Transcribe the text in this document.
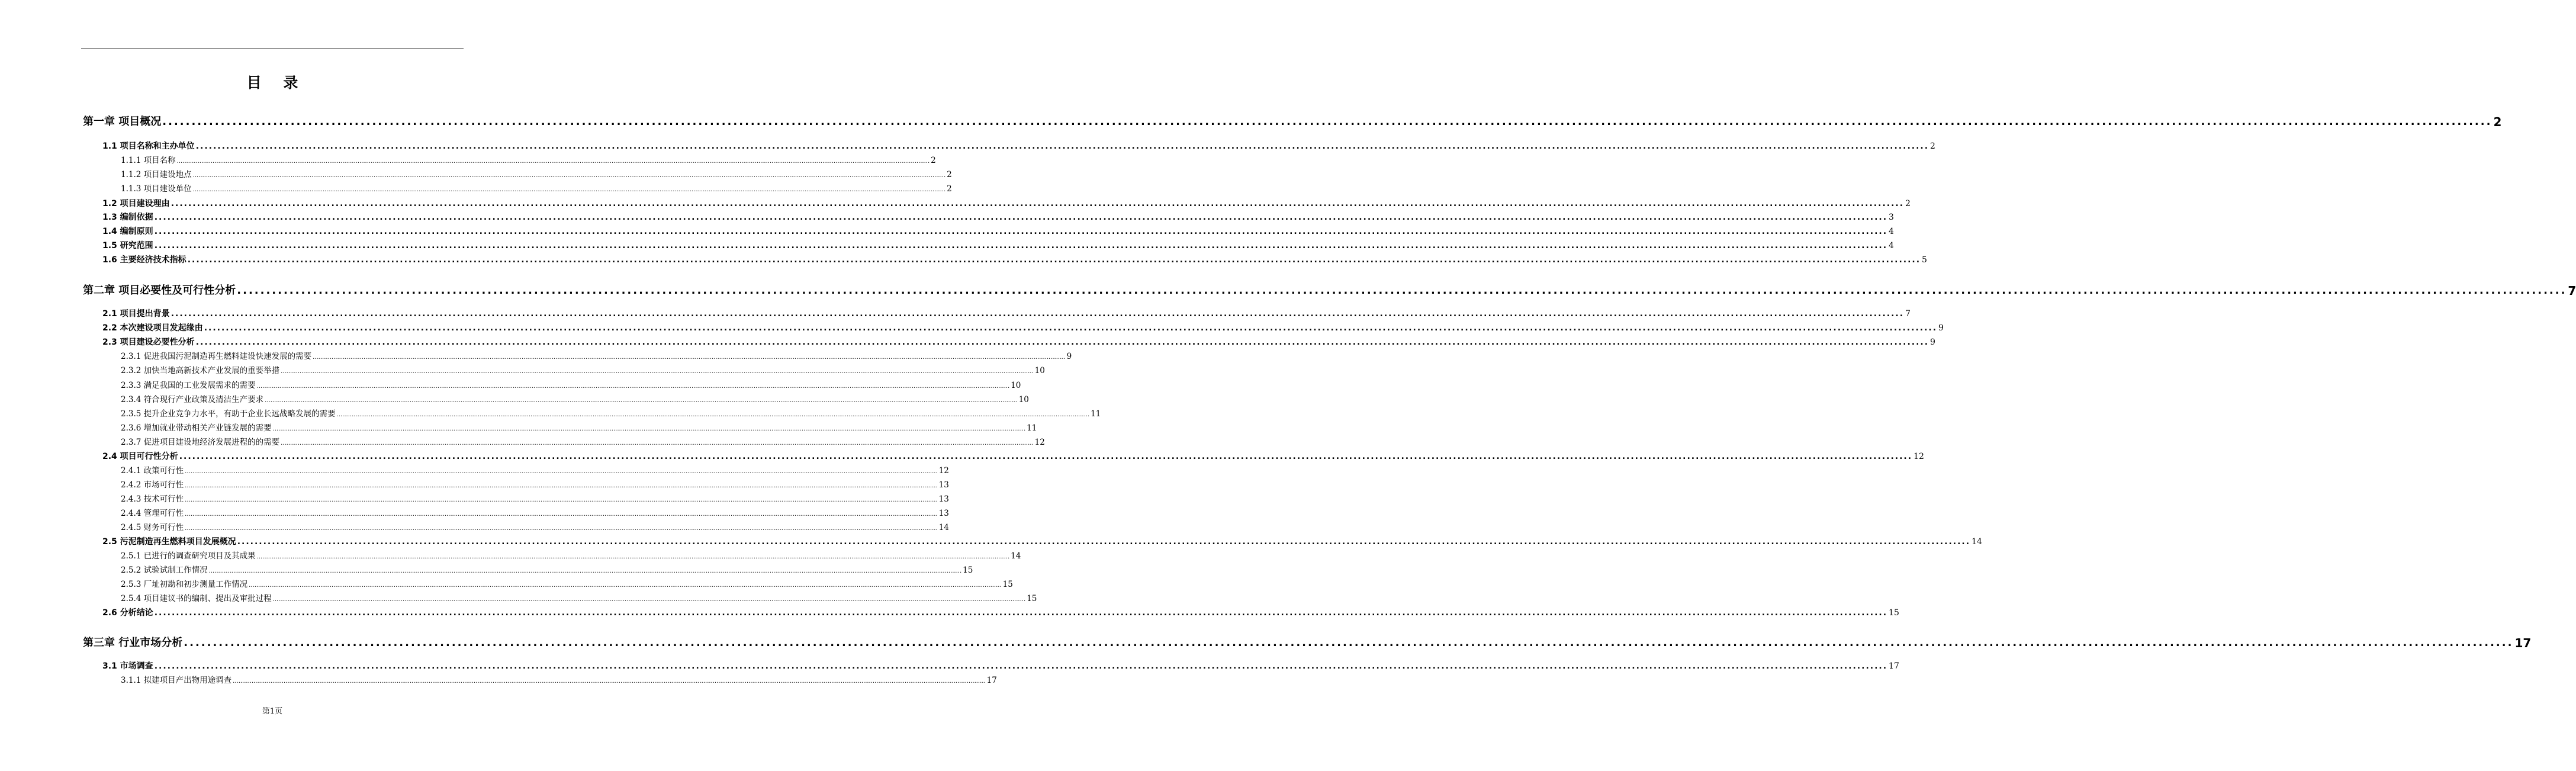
目 录
第一章 项目概况 ................................................................................................................................................................................................................................................................................................................................................................................................................ 2
1.1 项目名称和主办单位 ................................................................................................................................................................................................................................................................................................................................................................................................................ 2
1.1.1 项目名称 ................................................................................................................................................................................................................................................................................................................................................................................................................ 2
1.1.2 项目建设地点 ................................................................................................................................................................................................................................................................................................................................................................................................................ 2
1.1.3 项目建设单位 ................................................................................................................................................................................................................................................................................................................................................................................................................ 2
1.2 项目建设理由 ................................................................................................................................................................................................................................................................................................................................................................................................................ 2
1.3 编制依据 ................................................................................................................................................................................................................................................................................................................................................................................................................ 3
1.4 编制原则 ................................................................................................................................................................................................................................................................................................................................................................................................................ 4
1.5 研究范围 ................................................................................................................................................................................................................................................................................................................................................................................................................ 4
1.6 主要经济技术指标 ................................................................................................................................................................................................................................................................................................................................................................................................................ 5
第二章 项目必要性及可行性分析 ................................................................................................................................................................................................................................................................................................................................................................................................................ 7
2.1 项目提出背景 ................................................................................................................................................................................................................................................................................................................................................................................................................ 7
2.2 本次建设项目发起缘由 ................................................................................................................................................................................................................................................................................................................................................................................................................ 9
2.3 项目建设必要性分析 ................................................................................................................................................................................................................................................................................................................................................................................................................ 9
2.3.1 促进我国污泥制造再生燃料建设快速发展的需要 ................................................................................................................................................................................................................................................................................................................................................................................................................ 9
2.3.2 加快当地高新技术产业发展的重要举措 ................................................................................................................................................................................................................................................................................................................................................................................................................ 10
2.3.3 满足我国的工业发展需求的需要 ................................................................................................................................................................................................................................................................................................................................................................................................................ 10
2.3.4 符合现行产业政策及清洁生产要求 ................................................................................................................................................................................................................................................................................................................................................................................................................ 10
2.3.5 提升企业竞争力水平，有助于企业长远战略发展的需要 ................................................................................................................................................................................................................................................................................................................................................................................................................ 11
2.3.6 增加就业带动相关产业链发展的需要 ................................................................................................................................................................................................................................................................................................................................................................................................................ 11
2.3.7 促进项目建设地经济发展进程的的需要 ................................................................................................................................................................................................................................................................................................................................................................................................................ 12
2.4 项目可行性分析 ................................................................................................................................................................................................................................................................................................................................................................................................................ 12
2.4.1 政策可行性 ................................................................................................................................................................................................................................................................................................................................................................................................................ 12
2.4.2 市场可行性 ................................................................................................................................................................................................................................................................................................................................................................................................................ 13
2.4.3 技术可行性 ................................................................................................................................................................................................................................................................................................................................................................................................................ 13
2.4.4 管理可行性 ................................................................................................................................................................................................................................................................................................................................................................................................................ 13
2.4.5 财务可行性 ................................................................................................................................................................................................................................................................................................................................................................................................................ 14
2.5 污泥制造再生燃料项目发展概况 ................................................................................................................................................................................................................................................................................................................................................................................................................ 14
2.5.1 已进行的调查研究项目及其成果 ................................................................................................................................................................................................................................................................................................................................................................................................................ 14
2.5.2 试验试制工作情况 ................................................................................................................................................................................................................................................................................................................................................................................................................ 15
2.5.3 厂址初勘和初步测量工作情况 ................................................................................................................................................................................................................................................................................................................................................................................................................ 15
2.5.4 项目建议书的编制、提出及审批过程 ................................................................................................................................................................................................................................................................................................................................................................................................................ 15
2.6 分析结论 ................................................................................................................................................................................................................................................................................................................................................................................................................ 15
第三章 行业市场分析 ................................................................................................................................................................................................................................................................................................................................................................................................................ 17
3.1 市场调查 ................................................................................................................................................................................................................................................................................................................................................................................................................ 17
3.1.1 拟建项目产出物用途调查 ................................................................................................................................................................................................................................................................................................................................................................................................................ 17
第1页
